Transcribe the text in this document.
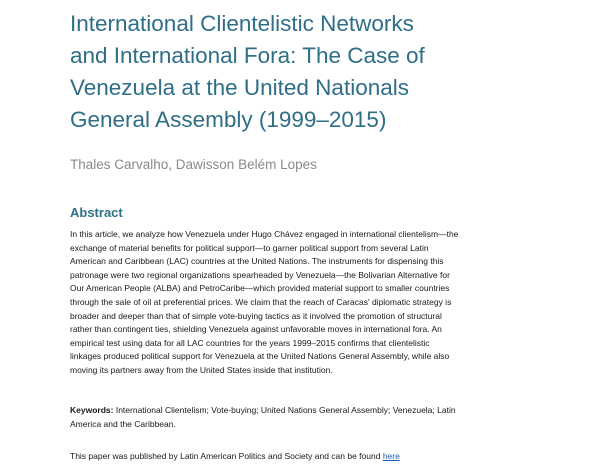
International Clientelistic Networks
and International Fora: The Case of
Venezuela at the United Nationals
General Assembly (1999–2015)
Thales Carvalho, Dawisson Belém Lopes
Abstract
In this article, we analyze how Venezuela under Hugo Chávez engaged in international clientelism—the
exchange of material benefits for political support—to garner political support from several Latin
American and Caribbean (LAC) countries at the United Nations. The instruments for dispensing this
patronage were two regional organizations spearheaded by Venezuela—the Bolivarian Alternative for
Our American People (ALBA) and PetroCaribe—which provided material support to smaller countries
through the sale of oil at preferential prices. We claim that the reach of Caracas' diplomatic strategy is
broader and deeper than that of simple vote-buying tactics as it involved the promotion of structural
rather than contingent ties, shielding Venezuela against unfavorable moves in international fora. An
empirical test using data for all LAC countries for the years 1999–2015 confirms that clientelistic
linkages produced political support for Venezuela at the United Nations General Assembly, while also
moving its partners away from the United States inside that institution.
Keywords: International Clientelism; Vote-buying; United Nations General Assembly; Venezuela; Latin
America and the Caribbean.
This paper was published by Latin American Politics and Society and can be found here
